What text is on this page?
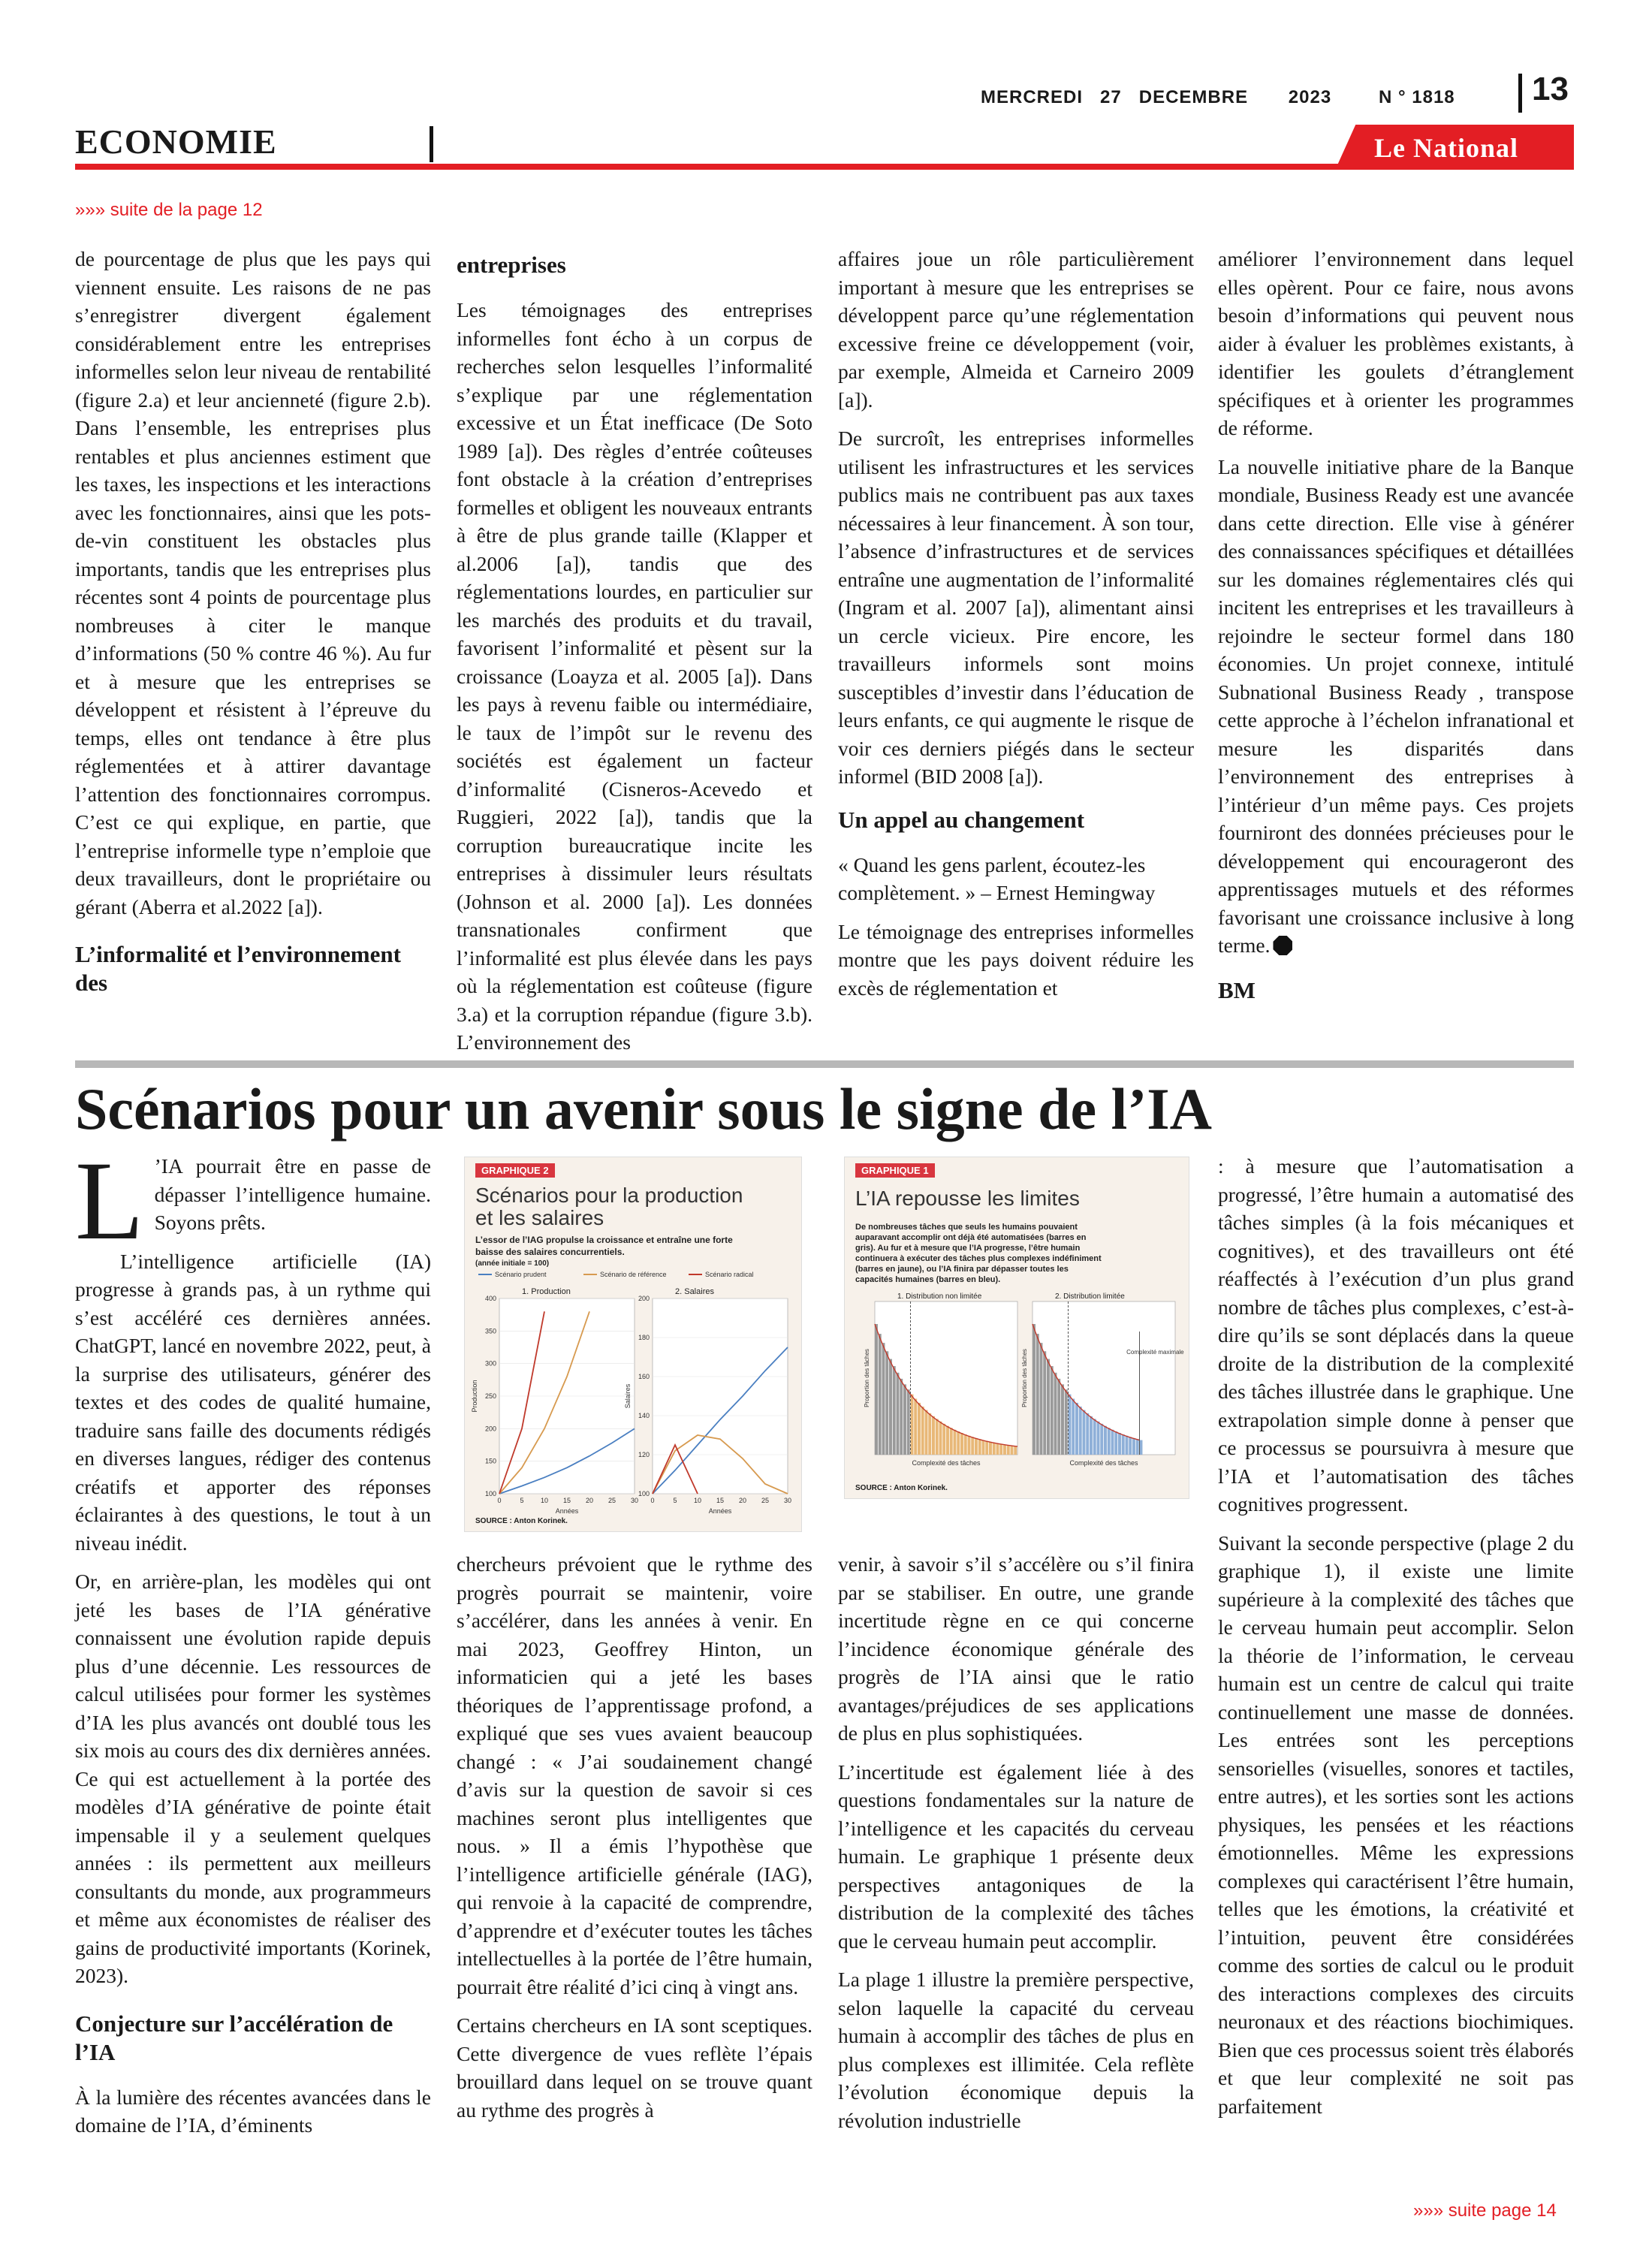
MERCREDI 27 DECEMBRE 2023	N ° 1818 13
ECONOMIE	Le National
»»» suite de la page 12

de pourcentage de plus que les pays qui viennent ensuite. Les raisons de ne pas s’enregistrer divergent également considérablement entre les entreprises informelles selon leur niveau de rentabilité (figure 2.a) et leur ancienneté (figure 2.b). Dans l’ensemble, les entreprises plus rentables et plus anciennes estiment que les taxes, les inspections et les interactions avec les fonctionnaires, ainsi que les pots-de-vin constituent les obstacles plus importants, tandis que les entreprises plus récentes sont 4 points de pourcentage plus nombreuses à citer le manque d’informations (50 % contre 46 %). Au fur et à mesure que les entreprises se développent et résistent à l’épreuve du temps, elles ont tendance à être plus réglementées et à attirer davantage l’attention des fonctionnaires corrompus. C’est ce qui explique, en partie, que l’entreprise informelle type n’emploie que deux travailleurs, dont le propriétaire ou gérant (Aberra et al.2022 [a]).

L’informalité et l’environnement des
entreprises

Les témoignages des entreprises informelles font écho à un corpus de recherches selon lesquelles l’informalité s’explique par une réglementation excessive et un État inefficace (De Soto 1989 [a]). Des règles d’entrée coûteuses font obstacle à la création d’entreprises formelles et obligent les nouveaux entrants à être de plus grande taille (Klapper et al.2006 [a]), tandis que des réglementations lourdes, en particulier sur les marchés des produits et du travail, favorisent l’informalité et pèsent sur la croissance (Loayza et al. 2005 [a]). Dans les pays à revenu faible ou intermédiaire, le taux de l’impôt sur le revenu des sociétés est également un facteur d’informalité (Cisneros-Acevedo et Ruggieri, 2022 [a]), tandis que la corruption bureaucratique incite les entreprises à dissimuler leurs résultats (Johnson et al. 2000 [a]). Les données transnationales confirment que l’informalité est plus élevée dans les pays où la réglementation est coûteuse (figure 3.a) et la corruption répandue (figure 3.b). L’environnement des

affaires joue un rôle particulièrement important à mesure que les entreprises se développent parce qu’une réglementation excessive freine ce développement (voir, par exemple, Almeida et Carneiro 2009 [a]).

De surcroît, les entreprises informelles utilisent les infrastructures et les services publics mais ne contribuent pas aux taxes nécessaires à leur financement. À son tour, l’absence d’infrastructures et de services entraîne une augmentation de l’informalité (Ingram et al. 2007 [a]), alimentant ainsi un cercle vicieux. Pire encore, les travailleurs informels sont moins susceptibles d’investir dans l’éducation de leurs enfants, ce qui augmente le risque de voir ces derniers piégés dans le secteur informel (BID 2008 [a]).

Un appel au changement

« Quand les gens parlent, écoutez-les complètement. » – Ernest Hemingway

Le témoignage des entreprises informelles montre que les pays doivent réduire les excès de réglementation et

améliorer l’environnement dans lequel elles opèrent. Pour ce faire, nous avons besoin d’informations qui peuvent nous aider à évaluer les problèmes existants, à identifier les goulets d’étranglement spécifiques et à orienter les programmes de réforme.

La nouvelle initiative phare de la Banque mondiale, Business Ready est une avancée dans cette direction. Elle vise à générer des connaissances spécifiques et détaillées sur les domaines réglementaires clés qui incitent les entreprises et les travailleurs à rejoindre le secteur formel dans 180 économies. Un projet connexe, intitulé Subnational Business Ready , transpose cette approche à l’échelon infranational et mesure les disparités dans l’environnement des entreprises à l’intérieur d’un même pays. Ces projets fourniront des données précieuses pour le développement qui encourageront des apprentissages mutuels et des réformes favorisant une croissance inclusive à long terme.

BM
Scénarios pour un avenir sous le signe de l’IA

L ’IA pourrait être en passe de dépasser l’intelligence humaine. Soyons prêts.

L’intelligence artificielle (IA) progresse à grands pas, à un rythme qui s’est accéléré ces dernières années. ChatGPT, lancé en novembre 2022, peut, à la surprise des utilisateurs, générer des textes et des codes de qualité humaine, traduire sans faille des documents rédigés en diverses langues, rédiger des contenus créatifs et apporter des réponses éclairantes à des questions, le tout à un niveau inédit.

Or, en arrière-plan, les modèles qui ont jeté les bases de l’IA générative connaissent une évolution rapide depuis plus d’une décennie. Les ressources de calcul utilisées pour former les systèmes d’IA les plus avancés ont doublé tous les six mois au cours des dix dernières années. Ce qui est actuellement à la portée des modèles d’IA générative de pointe était impensable il y a seulement quelques années : ils permettent aux meilleurs consultants du monde, aux programmeurs et même aux économistes de réaliser des gains de productivité importants (Korinek, 2023).

Conjecture sur l’accélération de l’IA

À la lumière des récentes avancées dans le domaine de l’IA, d’éminents

chercheurs prévoient que le rythme des progrès pourrait se maintenir, voire s’accélérer, dans les années à venir. En mai 2023, Geoffrey Hinton, un informaticien qui a jeté les bases théoriques de l’apprentissage profond, a expliqué que ses vues avaient beaucoup changé : « J’ai soudainement changé d’avis sur la question de savoir si ces machines seront plus intelligentes que nous. » Il a émis l’hypothèse que l’intelligence artificielle générale (IAG), qui renvoie à la capacité de comprendre, d’apprendre et d’exécuter toutes les tâches intellectuelles à la portée de l’être humain, pourrait être réalité d’ici cinq à vingt ans.

Certains chercheurs en IA sont sceptiques. Cette divergence de vues reflète l’épais brouillard dans lequel on se trouve quant au rythme des progrès à

venir, à savoir s’il s’accélère ou s’il finira par se stabiliser. En outre, une grande incertitude règne en ce qui concerne l’incidence économique générale des progrès de l’IA ainsi que le ratio avantages/préjudices de ses applications de plus en plus sophistiquées.

L’incertitude est également liée à des questions fondamentales sur la nature de l’intelligence et les capacités du cerveau humain. Le graphique 1 présente deux perspectives antagoniques de la distribution de la complexité des tâches que le cerveau humain peut accomplir.

La plage 1 illustre la première perspective, selon laquelle la capacité du cerveau humain à accomplir des tâches de plus en plus complexes est illimitée. Cela reflète l’évolution économique depuis la révolution industrielle

: à mesure que l’automatisation a progressé, l’être humain a automatisé des tâches simples (à la fois mécaniques et cognitives), et des travailleurs ont été réaffectés à l’exécution d’un plus grand nombre de tâches plus complexes, c’est-à-dire qu’ils se sont déplacés dans la queue droite de la distribution de la complexité des tâches illustrée dans le graphique. Une extrapolation simple donne à penser que ce processus se poursuivra à mesure que l’IA et l’automatisation des tâches cognitives progressent.

Suivant la seconde perspective (plage 2 du graphique 1), il existe une limite supérieure à la complexité des tâches que le cerveau humain peut accomplir. Selon la théorie de l’information, le cerveau humain est un centre de calcul qui traite continuellement une masse de données. Les entrées sont les perceptions sensorielles (visuelles, sonores et tactiles, entre autres), et les sorties sont les actions physiques, les pensées et les réactions émotionnelles. Même les expressions complexes qui caractérisent l’être humain, telles que les émotions, la créativité et l’intuition, peuvent être considérées comme des sorties de calcul ou le produit des interactions complexes des circuits neuronaux et des réactions biochimiques. Bien que ces processus soient très élaborés et que leur complexité ne soit pas parfaitement

»»» suite page 14
GRAPHIQUE 2
Scénarios pour la production
et les salaires
L’essor de l’IAG propulse la croissance et entraîne une forte
baisse des salaires concurrentiels.
(année initiale = 100)
Scénario prudent	Scénario de référence	Scénario radical
1. Production
400
350
300
250
200
150
100
0	5 10 15 20 25 30
Années
Production
2. Salaires
200
180
160
140
120
100
0	5 10 15 20 25 30
Années
Salaires
SOURCE : Anton Korinek.
GRAPHIQUE 1
L’IA repousse les limites
De nombreuses tâches que seuls les humains pouvaient
auparavant accomplir ont déjà été automatisées (barres en
gris). Au fur et à mesure que l’IA progresse, l’être humain
continuera à exécuter des tâches plus complexes indéfiniment
(barres en jaune), ou l’IA finira par dépasser toutes les
capacités humaines (barres en bleu).
1. Distribution non limitée
Proportion des tâches
Complexité des tâches
2. Distribution limitée
Proportion des tâches
Complexité des tâches
Complexité maximale
SOURCE : Anton Korinek.
